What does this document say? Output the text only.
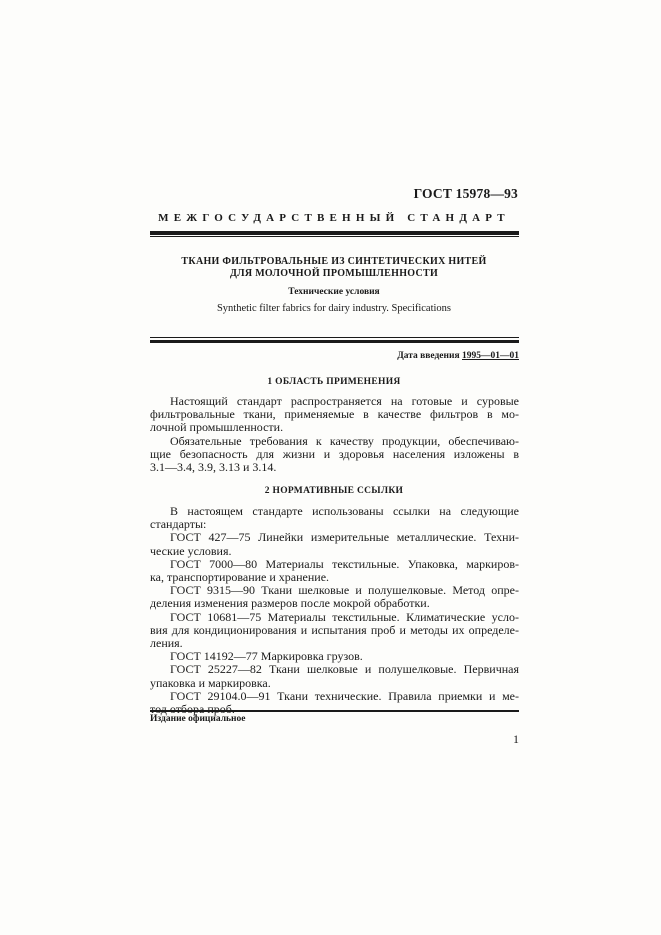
ГОСТ 15978—93
МЕЖГОСУДАРСТВЕННЫЙ СТАНДАРТ
ТКАНИ ФИЛЬТРОВАЛЬНЫЕ ИЗ СИНТЕТИЧЕСКИХ НИТЕЙ
ДЛЯ МОЛОЧНОЙ ПРОМЫШЛЕННОСТИ
Технические условия
Synthetic filter fabrics for dairy industry. Specifications
Дата введения 1995—01—01
1 ОБЛАСТЬ ПРИМЕНЕНИЯ

Настоящий стандарт распространяется на готовые и суровые

фильтровальные ткани, применяемые в качестве фильтров в мо-

лочной промышленности.

Обязательные требования к качеству продукции, обеспечиваю-

щие безопасность для жизни и здоровья населения изложены в

3.1—3.4, 3.9, 3.13 и 3.14.

2 НОРМАТИВНЫЕ ССЫЛКИ

В настоящем стандарте использованы ссылки на следующие

стандарты:

ГОСТ 427—75 Линейки измерительные металлические. Техни-

ческие условия.

ГОСТ 7000—80 Материалы текстильные. Упаковка, маркиров-

ка, транспортирование и хранение.

ГОСТ 9315—90 Ткани шелковые и полушелковые. Метод опре-

деления изменения размеров после мокрой обработки.

ГОСТ 10681—75 Материалы текстильные. Климатические усло-

вия для кондиционирования и испытания проб и методы их определе-

ления.

ГОСТ 14192—77 Маркировка грузов.

ГОСТ 25227—82 Ткани шелковые и полушелковые. Первичная

упаковка и маркировка.

ГОСТ 29104.0—91 Ткани технические. Правила приемки и ме-

Издание официальное
1
